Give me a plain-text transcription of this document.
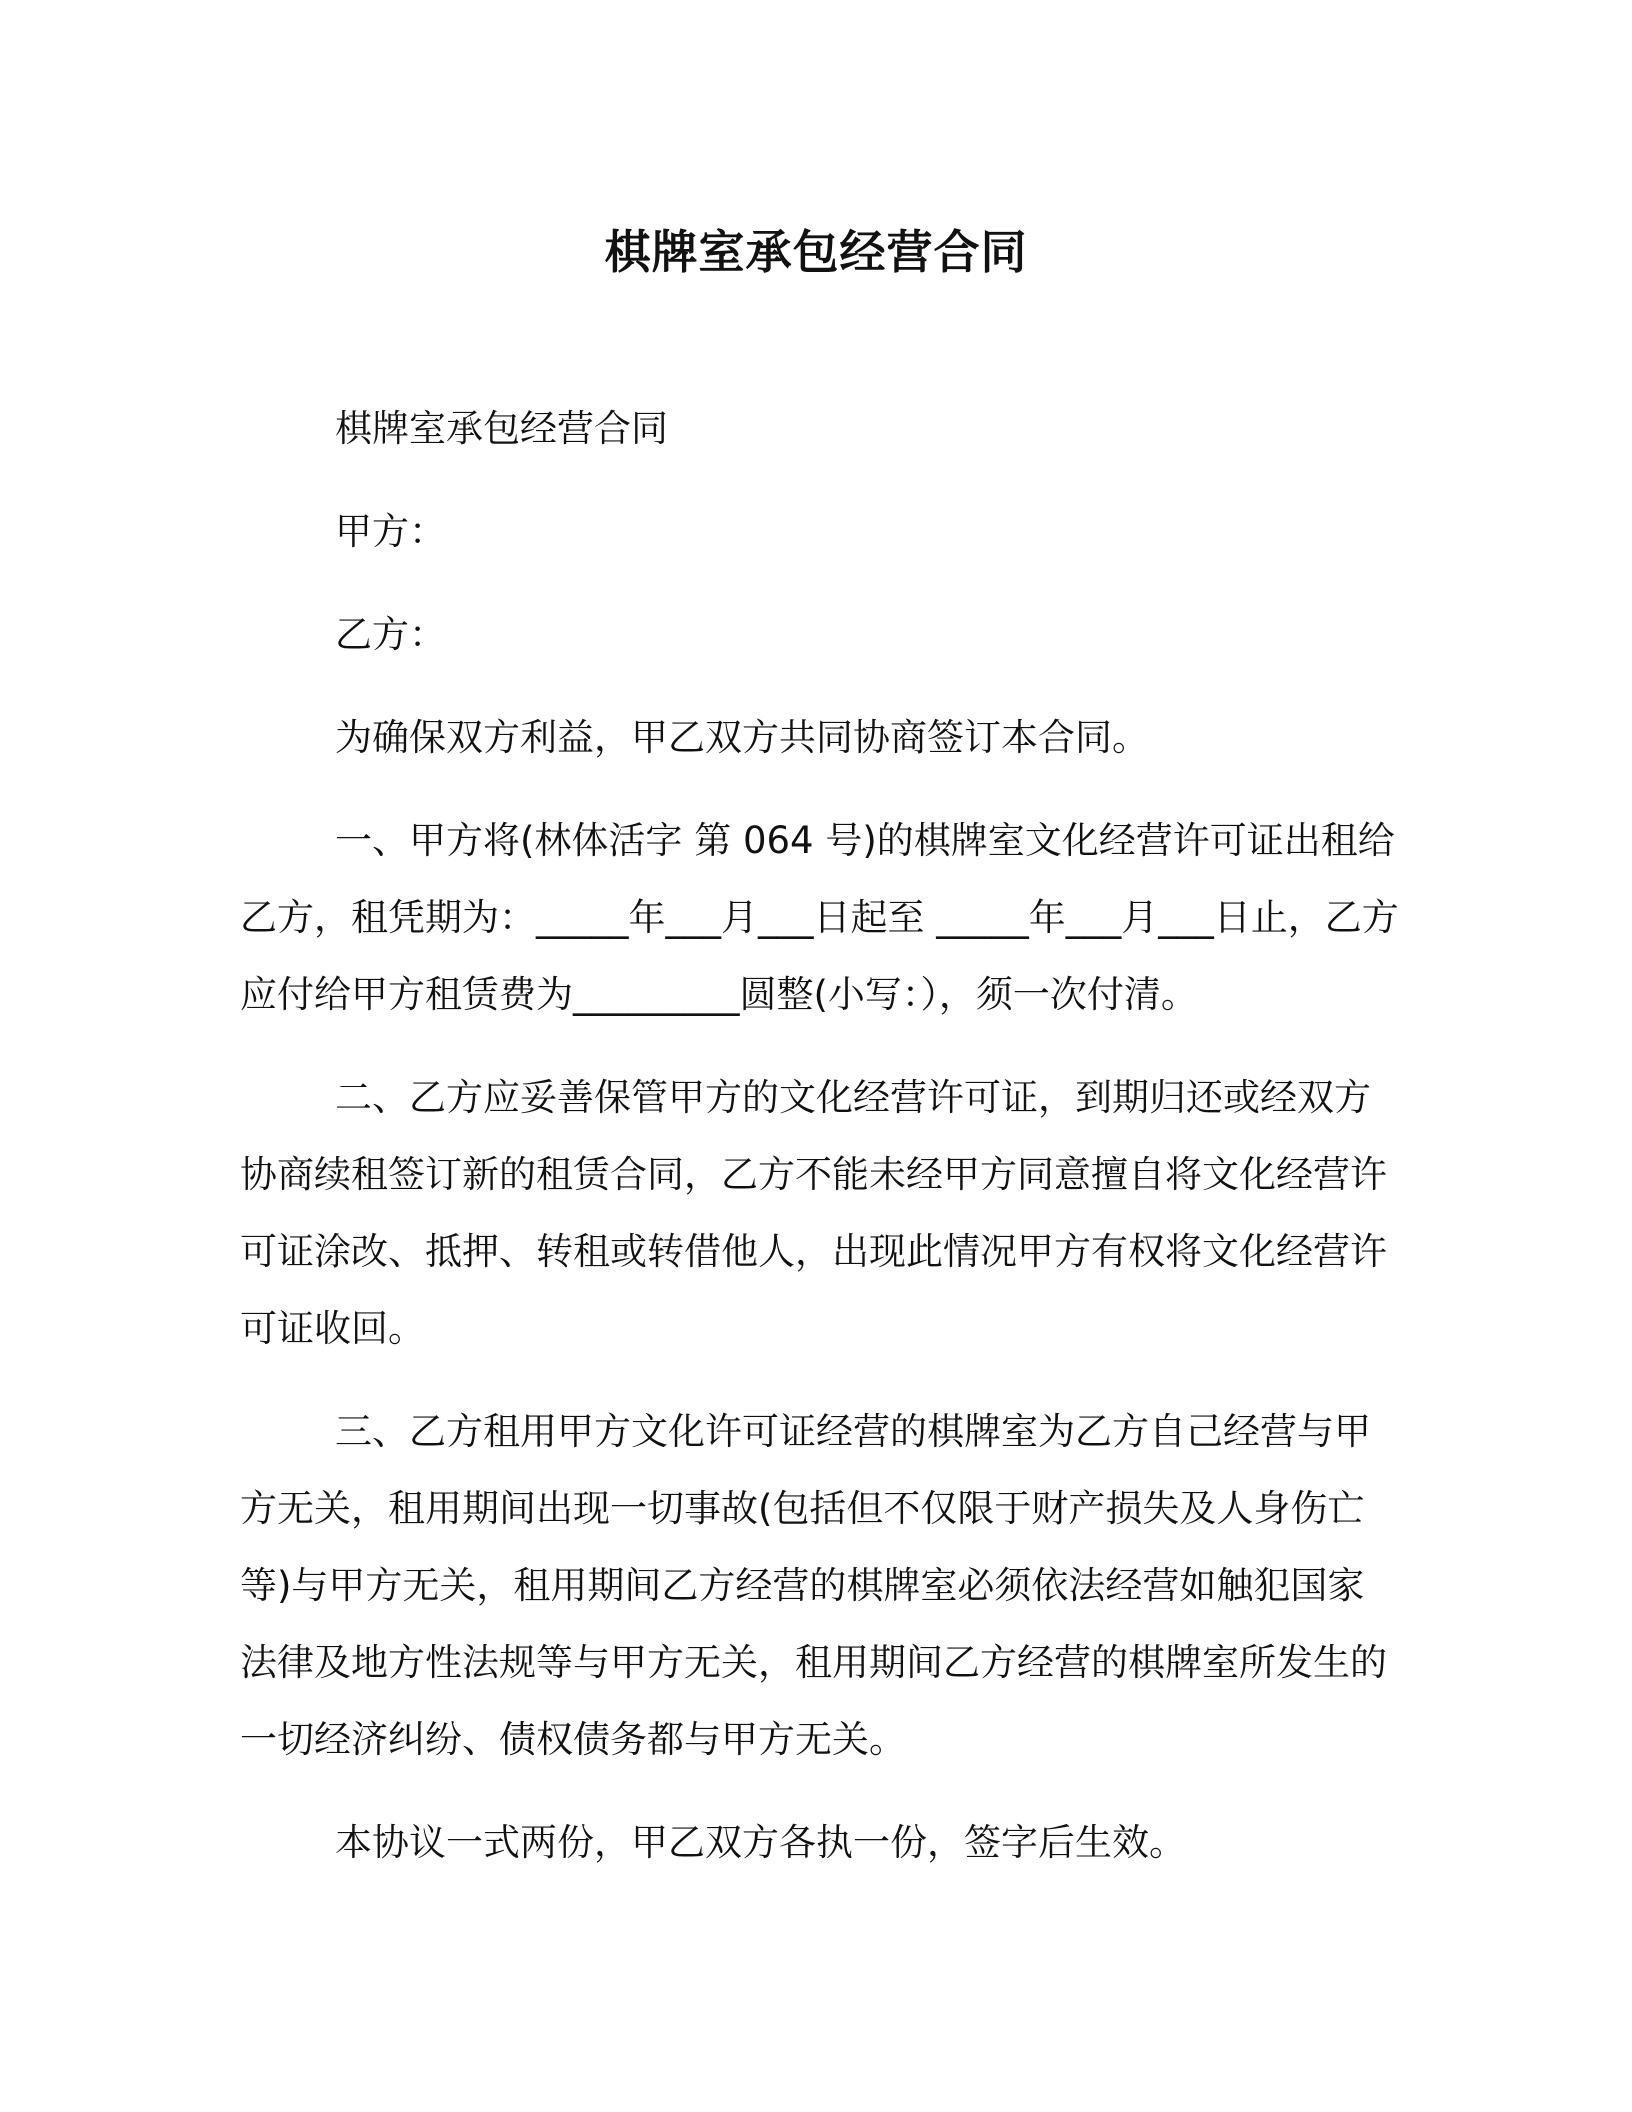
棋牌室承包经营合同

棋牌室承包经营合同

甲方：

乙方：

为确保双方利益，甲乙双方共同协商签订本合同。

一、甲方将(林体活字 第 064 号)的棋牌室文化经营许可证出租给乙方，租凭期为：_____年___月___日起至 _____年___月___日止，乙方应付给甲方租赁费为_________圆整(小写：），须一次付清。

二、乙方应妥善保管甲方的文化经营许可证，到期归还或经双方协商续租签订新的租赁合同，乙方不能未经甲方同意擅自将文化经营许可证涂改、抵押、转租或转借他人，出现此情况甲方有权将文化经营许可证收回。

三、乙方租用甲方文化许可证经营的棋牌室为乙方自己经营与甲方无关，租用期间出现一切事故(包括但不仅限于财产损失及人身伤亡等)与甲方无关，租用期间乙方经营的棋牌室必须依法经营如触犯国家法律及地方性法规等与甲方无关，租用期间乙方经营的棋牌室所发生的一切经济纠纷、债权债务都与甲方无关。

本协议一式两份，甲乙双方各执一份，签字后生效。
